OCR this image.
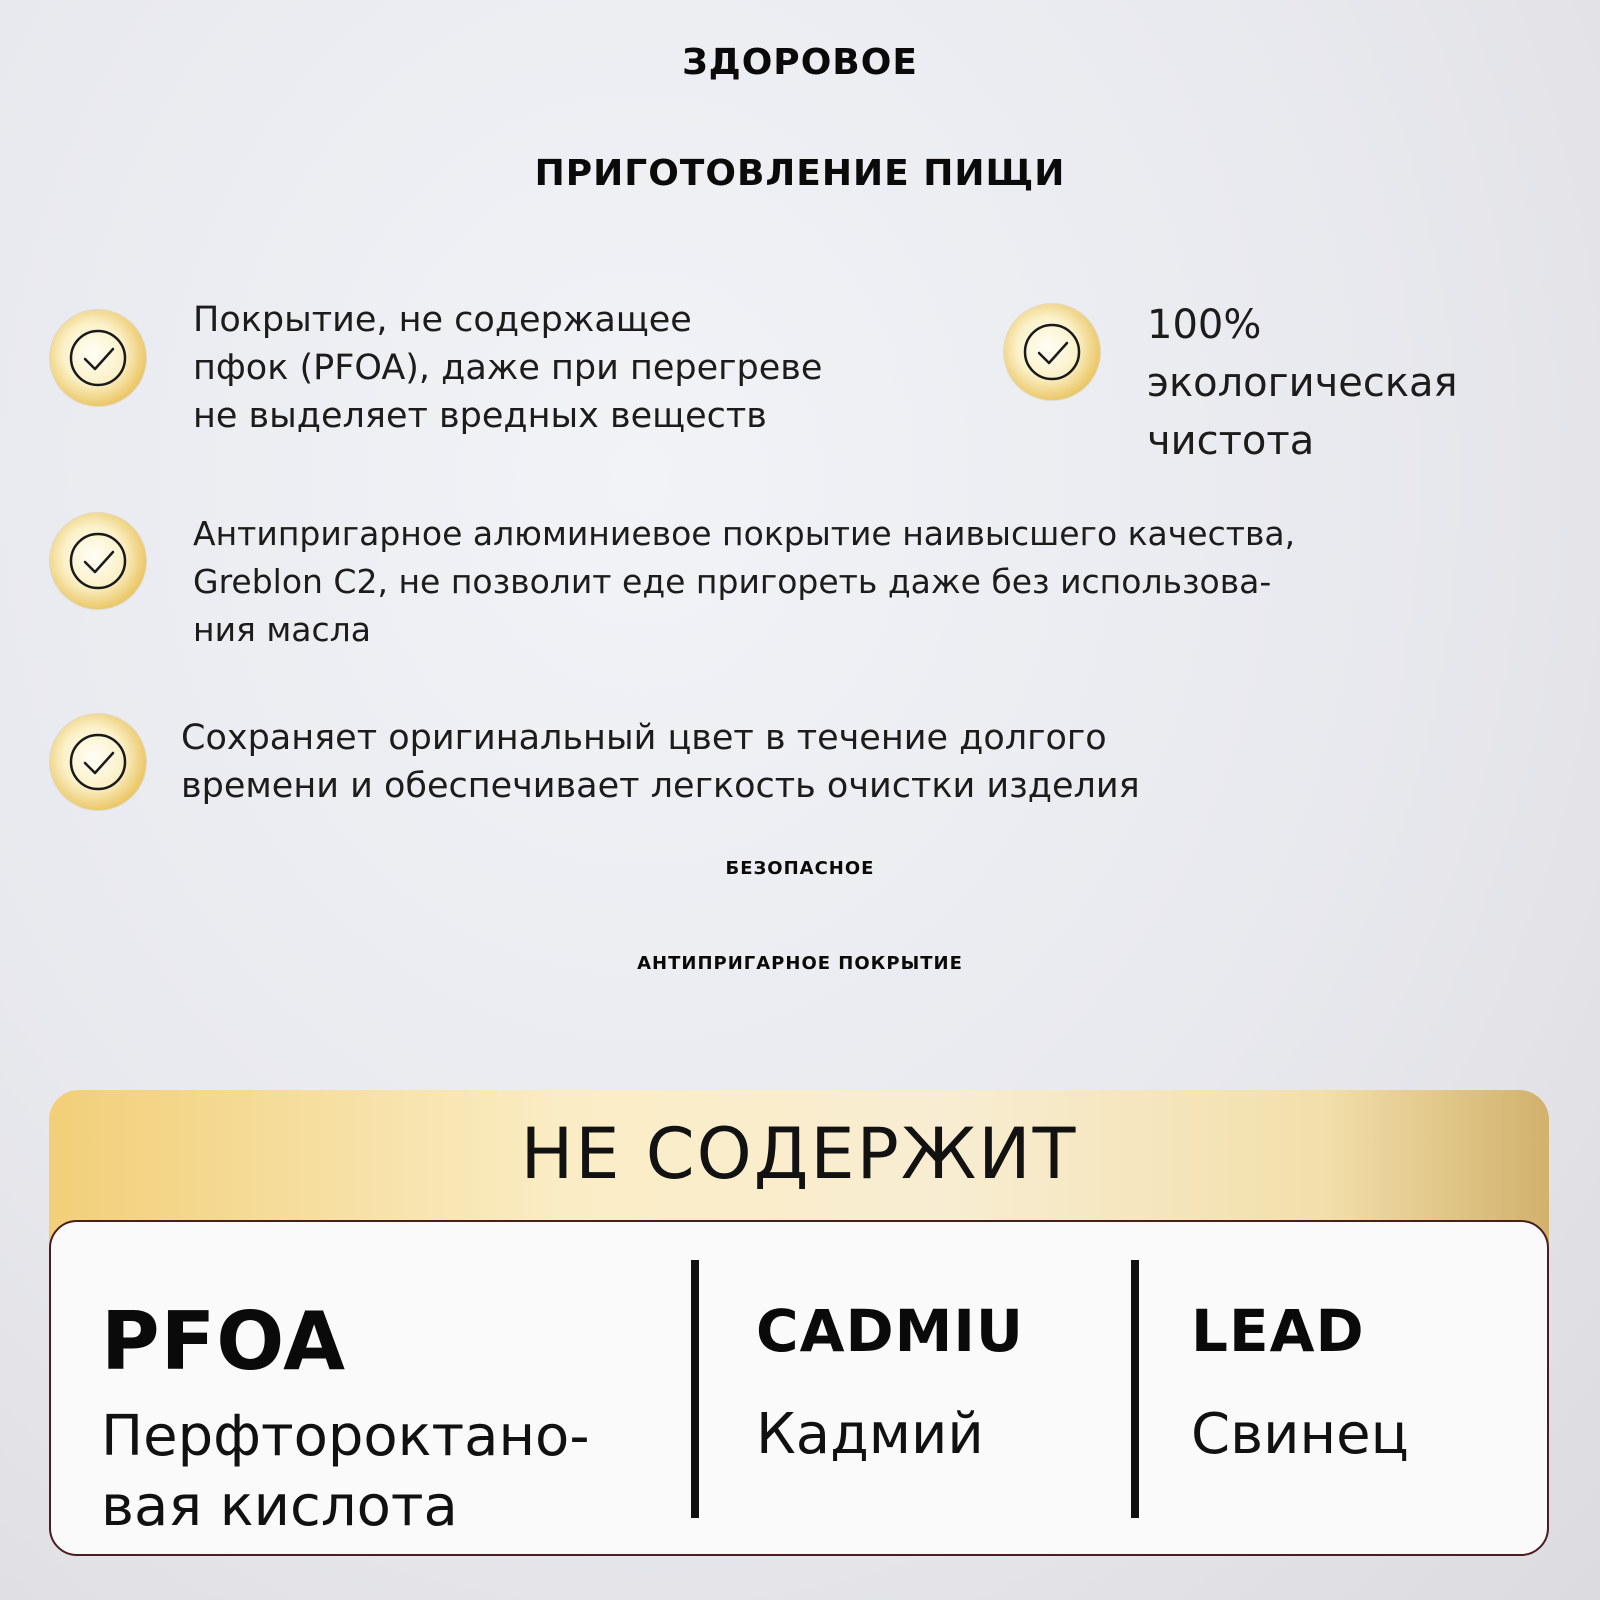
ЗДОРОВОЕ
ПРИГОТОВЛЕНИЕ ПИЩИ
Покрытие, не содержащее
пфок (PFOA), даже при перегреве
не выделяет вредных веществ
100%
экологическая
чистота
Антипригарное алюминиевое покрытие наивысшего качества,
Greblon C2, не позволит еде пригореть даже без использова-
ния масла
Сохраняет оригинальный цвет в течение долгого
времени и обеспечивает легкость очистки изделия
БЕЗОПАСНОЕ
АНТИПРИГАРНОЕ ПОКРЫТИЕ
НЕ СОДЕРЖИТ
PFOA
Перфтороктано-
вая кислота
CADMIU
Кадмий
LEAD
Свинец
